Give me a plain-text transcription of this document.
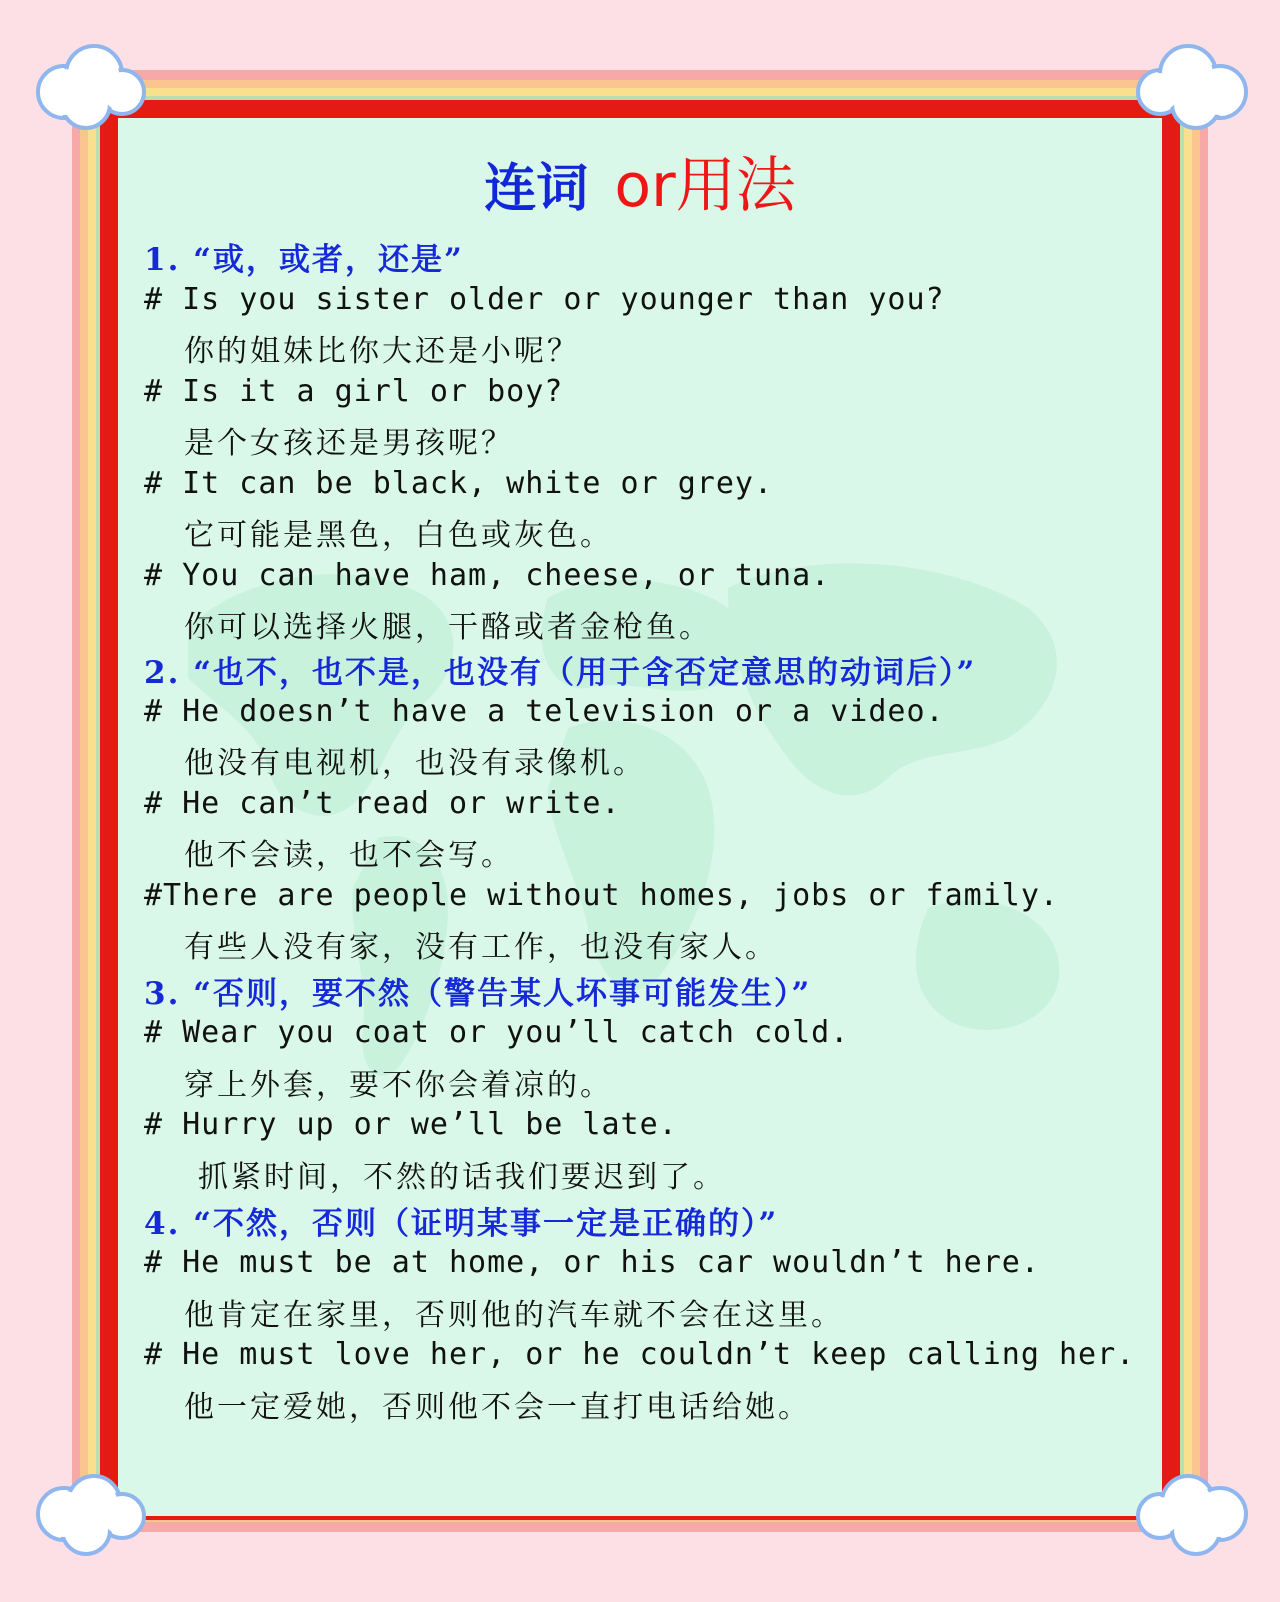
连词 or用法
1. “或，或者，还是”
# Is you sister older or younger than you?
你的姐妹比你大还是小呢？
# Is it a girl or boy?
是个女孩还是男孩呢？
# It can be black, white or grey.
它可能是黑色，白色或灰色。
# You can have ham, cheese, or tuna.
你可以选择火腿，干酪或者金枪鱼。
2. “也不，也不是，也没有（用于含否定意思的动词后）”
# He doesn’t have a television or a video.
他没有电视机，也没有录像机。
# He can’t read or write.
他不会读，也不会写。
#There are people without homes, jobs or family.
有些人没有家，没有工作，也没有家人。
3. “否则，要不然（警告某人坏事可能发生）”
# Wear you coat or you’ll catch cold.
穿上外套，要不你会着凉的。
# Hurry up or we’ll be late.
抓紧时间，不然的话我们要迟到了。
4. “不然，否则（证明某事一定是正确的）”
# He must be at home, or his car wouldn’t here.
他肯定在家里，否则他的汽车就不会在这里。
# He must love her, or he couldn’t keep calling her.
他一定爱她，否则他不会一直打电话给她。
